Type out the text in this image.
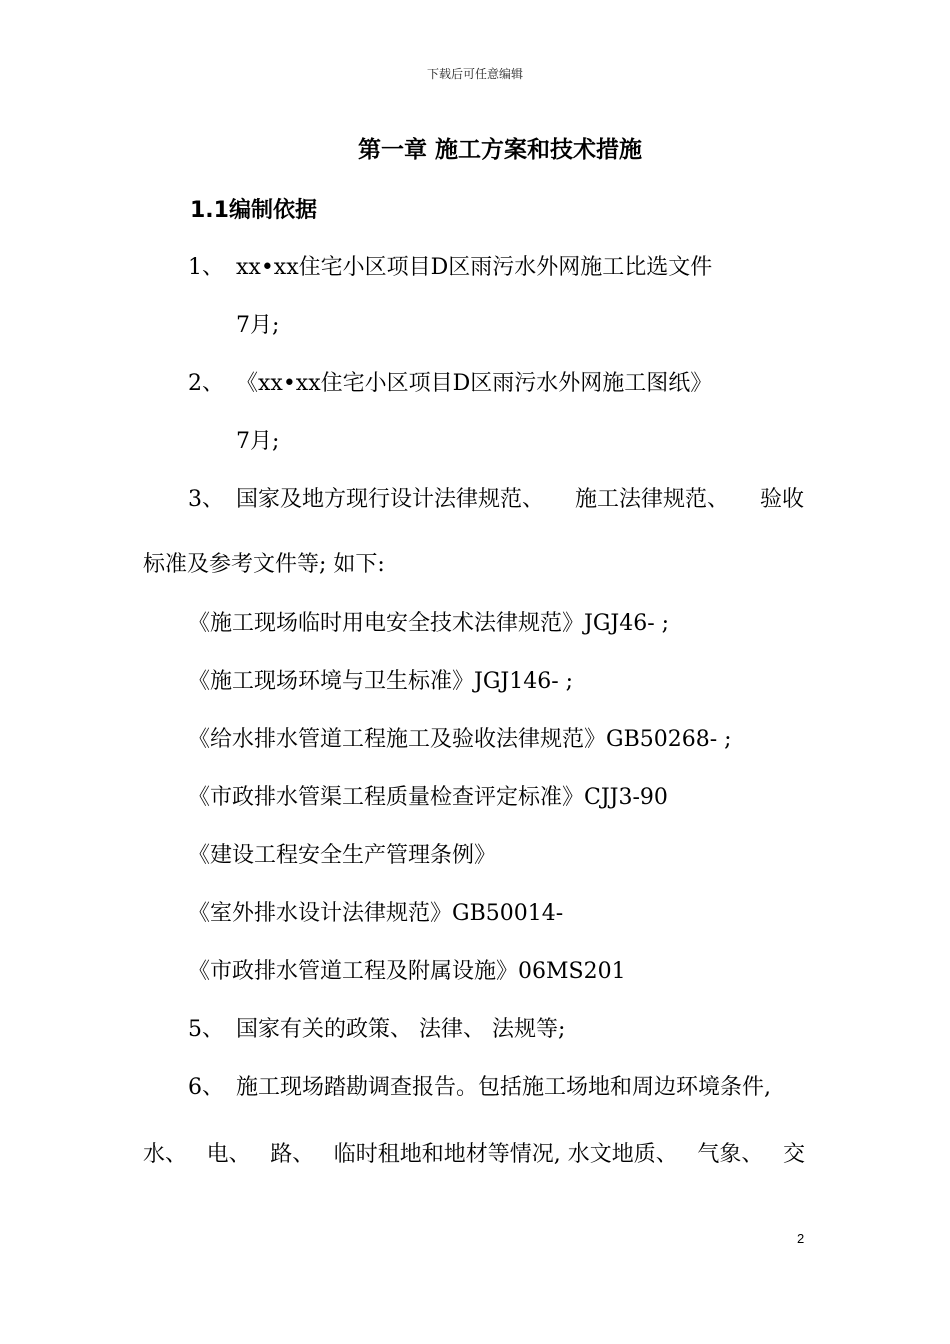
下载后可任意编辑
第一章 施工方案和技术措施
1.1编制依据
1、 xx•xx住宅小区项目D区雨污水外网施工比选文件
7月;
2、 《xx•xx住宅小区项目D区雨污水外网施工图纸》
7月;
3、 国家及地方现行设计法律规范、 施工法律规范、 验收
标准及参考文件等; 如下:
《施工现场临时用电安全技术法律规范》JGJ46- ;
《施工现场环境与卫生标准》JGJ146- ;
《给水排水管道工程施工及验收法律规范》GB50268- ;
《市政排水管渠工程质量检查评定标准》CJJ3-90
《建设工程安全生产管理条例》
《室外排水设计法律规范》GB50014-
《市政排水管道工程及附属设施》06MS201
5、 国家有关的政策、 法律、 法规等;
6、 施工现场踏勘调查报告。包括施工场地和周边环境条件,
水、 电、 路、 临时租地和地材等情况, 水文地质、 气象、 交
2
